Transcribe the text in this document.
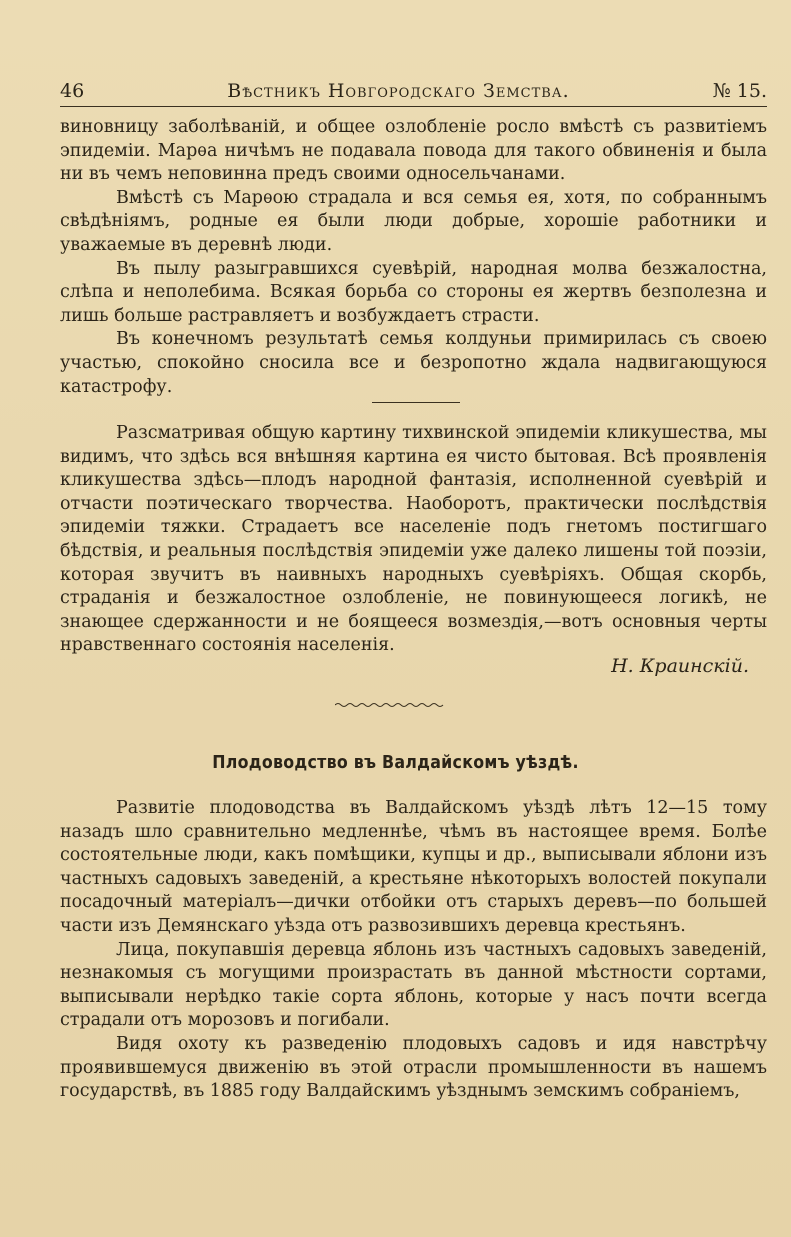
46	Вѣстникъ Новгородскаго Земства.	№ 15.

виновницу заболѣваній, и общее озлобленіе росло вмѣстѣ съ развитіемъ эпидеміи. Марѳа ничѣмъ не подавала повода для такого обвиненія и была ни въ чемъ неповинна предъ своими односельчанами.

Вмѣстѣ съ Марѳою страдала и вся семья ея, хотя, по собраннымъ свѣдѣніямъ, родные ея были люди добрые, хорошіе работники и уважаемые въ деревнѣ люди.

Въ пылу разыгравшихся суевѣрій, народная молва безжалостна, слѣпа и неполебима. Всякая борьба со стороны ея жертвъ безполезна и лишь больше растравляетъ и возбуждаетъ страсти.

Въ конечномъ результатѣ семья колдуньи примирилась съ своею участью, спокойно сносила все и безропотно ждала надвигающуюся катастрофу.

Разсматривая общую картину тихвинской эпидеміи кликушества, мы видимъ, что здѣсь вся внѣшняя картина ея чисто бытовая. Всѣ проявленія кликушества здѣсь—плодъ народной фантазія, исполненной суевѣрій и отчасти поэтическаго творчества. Наоборотъ, практически послѣдствія эпидеміи тяжки. Страдаетъ все населеніе подъ гнетомъ постигшаго бѣдствія, и реальныя послѣдствія эпидеміи уже далеко лишены той поэзіи, которая звучитъ въ наивныхъ народныхъ суевѣріяхъ. Общая скорбь, страданія и безжалостное озлобленіе, не повинующееся логикѣ, не знающее сдержанности и не боящееся возмездія,—вотъ основныя черты нравственнаго состоянія населенія.

Н. Краинскій.
Плодоводство въ Валдайскомъ уѣздѣ.

Развитіе плодоводства въ Валдайскомъ уѣздѣ лѣтъ 12—15 тому назадъ шло сравнительно медленнѣе, чѣмъ въ настоящее время. Болѣе состоятельные люди, какъ помѣщики, купцы и др., выписывали яблони изъ частныхъ садовыхъ заведеній, а крестьяне нѣкоторыхъ волостей покупали посадочный матеріалъ—дички отбойки отъ старыхъ деревъ—по большей части изъ Демянскаго уѣзда отъ развозившихъ деревца крестьянъ.

Лица, покупавшія деревца яблонь изъ частныхъ садовыхъ заведеній, незнакомыя съ могущими произрастать въ данной мѣстности сортами, выписывали нерѣдко такіе сорта яблонь, которые у насъ почти всегда страдали отъ морозовъ и погибали.

Видя охоту къ разведенію плодовыхъ садовъ и идя навстрѣчу проявившемуся движенію въ этой отрасли промышленности въ нашемъ государствѣ, въ 1885 году Валдайскимъ уѣзднымъ земскимъ собраніемъ,
